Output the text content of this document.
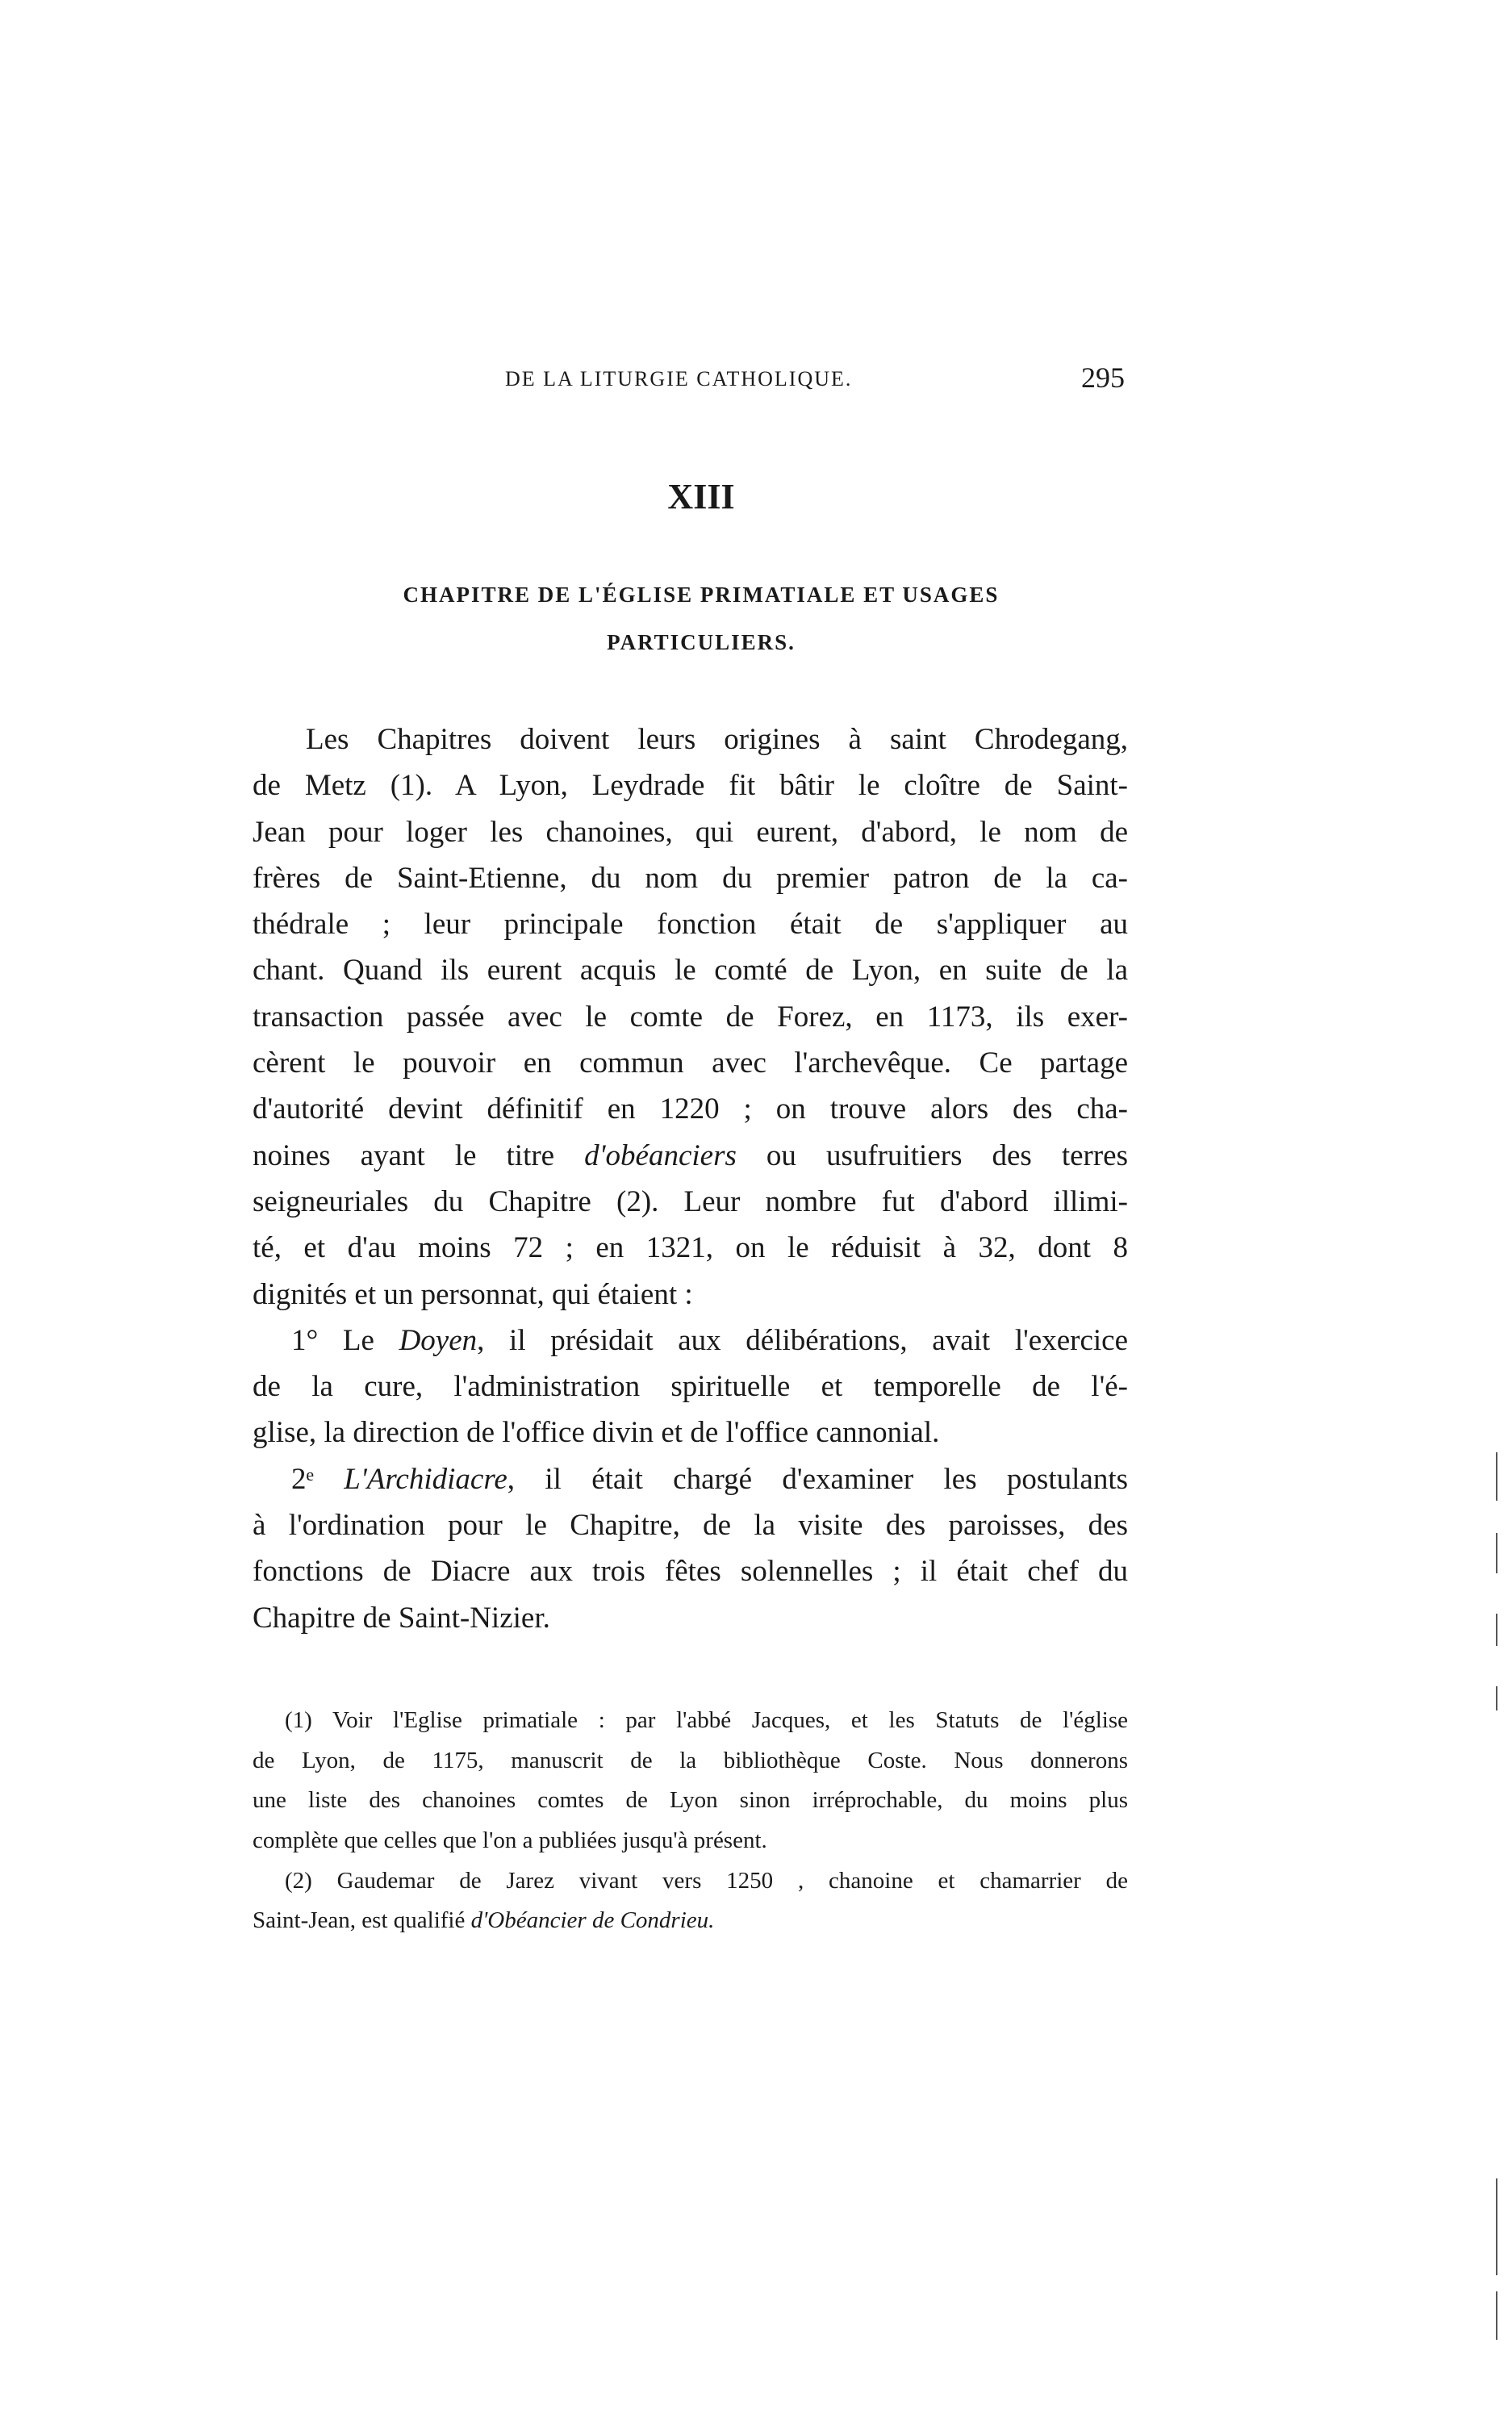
DE LA LITURGIE CATHOLIQUE.	295
XIII
CHAPITRE DE L'ÉGLISE PRIMATIALE ET USAGES
PARTICULIERS.
Les Chapitres doivent leurs origines à saint Chrodegang,
de Metz (1). A Lyon, Leydrade fit bâtir le cloître de Saint-
Jean pour loger les chanoines, qui eurent, d'abord, le nom de
frères de Saint-Etienne, du nom du premier patron de la ca-
thédrale ; leur principale fonction était de s'appliquer au
chant. Quand ils eurent acquis le comté de Lyon, en suite de la
transaction passée avec le comte de Forez, en 1173, ils exer-
cèrent le pouvoir en commun avec l'archevêque. Ce partage
d'autorité devint définitif en 1220 ; on trouve alors des cha-
noines ayant le titre d'obéanciers ou usufruitiers des terres
seigneuriales du Chapitre (2). Leur nombre fut d'abord illimi-
té, et d'au moins 72 ; en 1321, on le réduisit à 32, dont 8
dignités et un personnat, qui étaient :
1° Le Doyen, il présidait aux délibérations, avait l'exercice
de la cure, l'administration spirituelle et temporelle de l'é-
glise, la direction de l'office divin et de l'office cannonial.
2ᵉ L'Archidiacre, il était chargé d'examiner les postulants
à l'ordination pour le Chapitre, de la visite des paroisses, des
fonctions de Diacre aux trois fêtes solennelles ; il était chef du
Chapitre de Saint-Nizier.
(1) Voir l'Eglise primatiale : par l'abbé Jacques, et les Statuts de l'église
de Lyon, de 1175, manuscrit de la bibliothèque Coste. Nous donnerons
une liste des chanoines comtes de Lyon sinon irréprochable, du moins plus
complète que celles que l'on a publiées jusqu'à présent.
(2) Gaudemar de Jarez vivant vers 1250 , chanoine et chamarrier de
Saint-Jean, est qualifié d'Obéancier de Condrieu.
